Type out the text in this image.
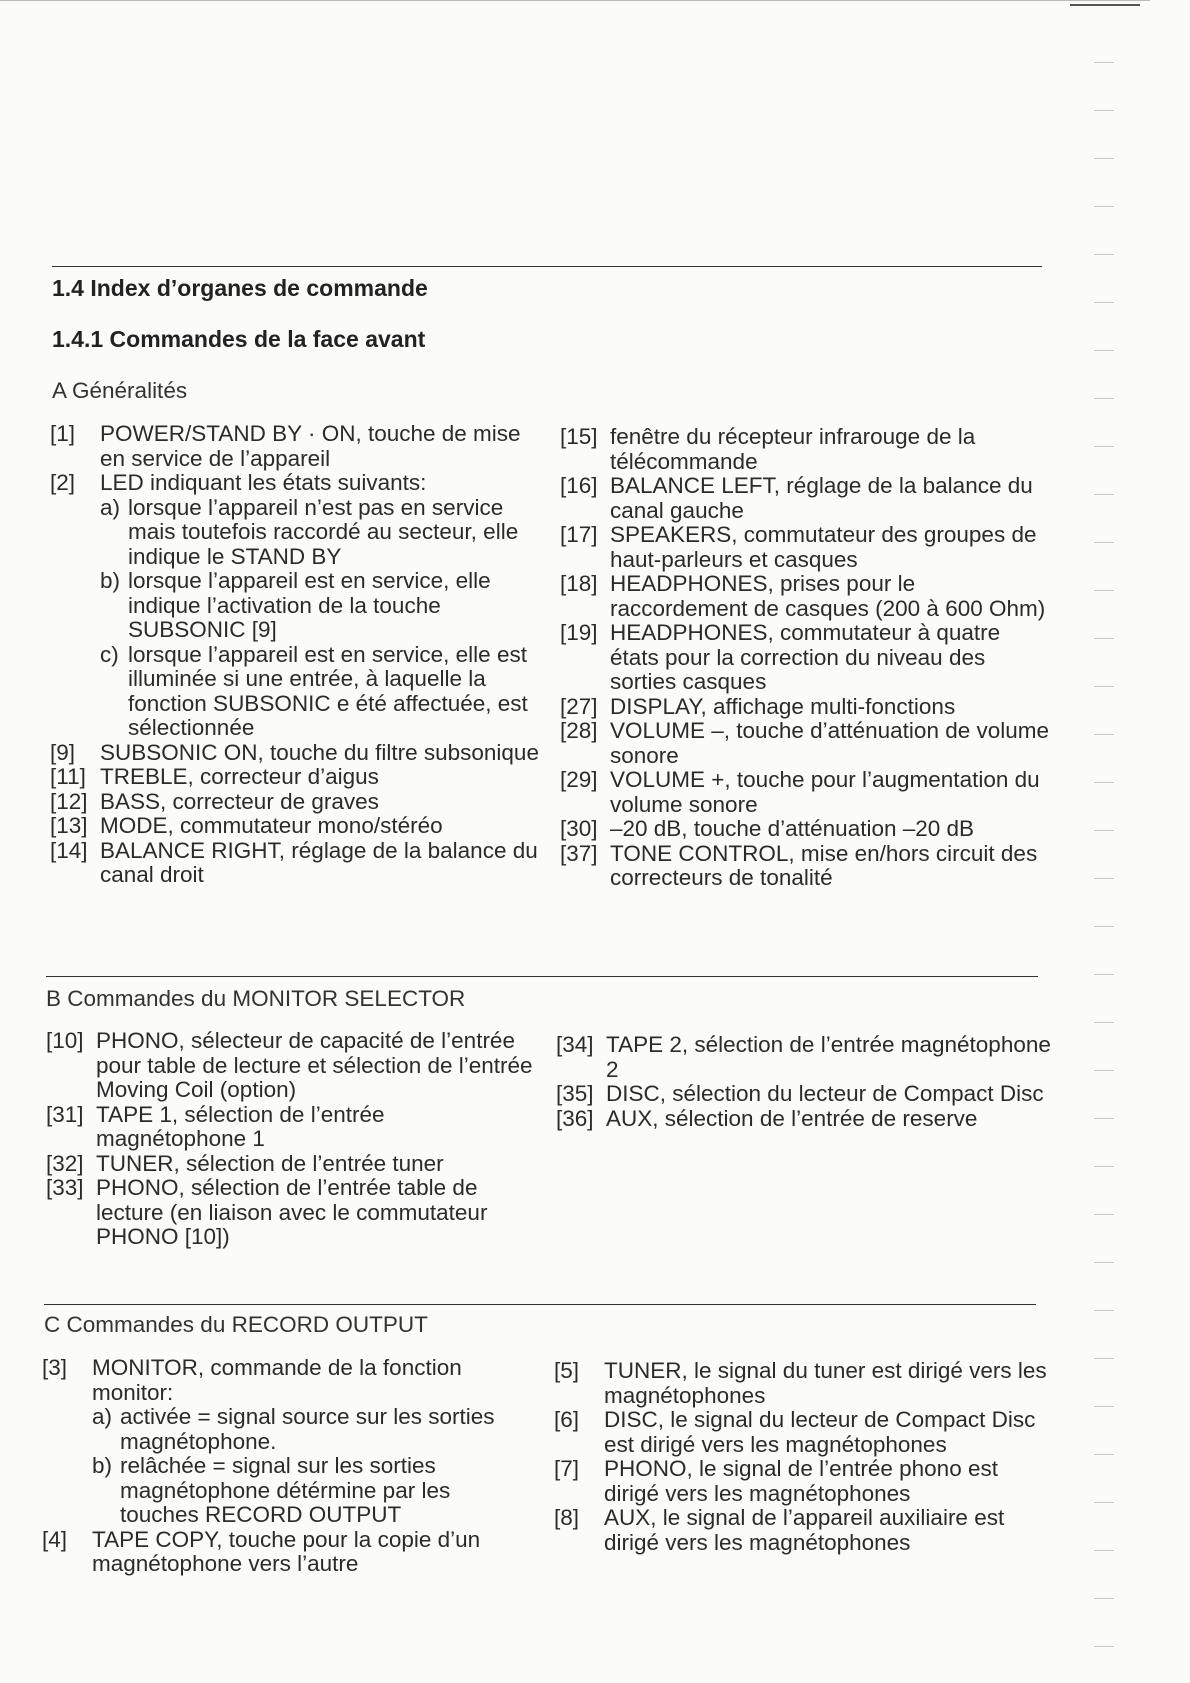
1.4 Index d’organes de commande
1.4.1 Commandes de la face avant
A Généralités
[1] POWER/STAND BY · ON, touche de mise en service de l’appareil
[2] LED indiquant les états suivants:
a) lorsque l’appareil n’est pas en service mais toutefois raccordé au secteur, elle indique le STAND BY
b) lorsque l’appareil est en service, elle indique l’activation de la touche SUBSONIC [9]
c) lorsque l’appareil est en service, elle est illuminée si une entrée, à laquelle la fonction SUBSONIC e été affectuée, est sélectionnée
[9] SUBSONIC ON, touche du filtre subsonique
[11] TREBLE, correcteur d’aigus
[12] BASS, correcteur de graves
[13] MODE, commutateur mono/stéréo
[14] BALANCE RIGHT, réglage de la balance du canal droit
[15] fenêtre du récepteur infrarouge de la télécommande
[16] BALANCE LEFT, réglage de la balance du canal gauche
[17] SPEAKERS, commutateur des groupes de haut-parleurs et casques
[18] HEADPHONES, prises pour le raccordement de casques (200 à 600 Ohm)
[19] HEADPHONES, commutateur à quatre états pour la correction du niveau des sorties casques
[27] DISPLAY, affichage multi-fonctions
[28] VOLUME –, touche d’atténuation de volume sonore
[29] VOLUME +, touche pour l’augmentation du volume sonore
[30] –20 dB, touche d’atténuation –20 dB
[37] TONE CONTROL, mise en/hors circuit des correcteurs de tonalité
B Commandes du MONITOR SELECTOR
[10] PHONO, sélecteur de capacité de l’entrée pour table de lecture et sélection de l’entrée Moving Coil (option)
[31] TAPE 1, sélection de l’entrée magnétophone 1
[32] TUNER, sélection de l’entrée tuner
[33] PHONO, sélection de l’entrée table de lecture (en liaison avec le commutateur PHONO [10])
[34] TAPE 2, sélection de l’entrée magnétophone 2
[35] DISC, sélection du lecteur de Compact Disc
[36] AUX, sélection de l’entrée de reserve
C Commandes du RECORD OUTPUT
[3] MONITOR, commande de la fonction monitor:
a) activée = signal source sur les sorties magnétophone.
b) relâchée = signal sur les sorties magnétophone détérmine par les touches RECORD OUTPUT
[4] TAPE COPY, touche pour la copie d’un magnétophone vers l’autre
[5] TUNER, le signal du tuner est dirigé vers les magnétophones
[6] DISC, le signal du lecteur de Compact Disc est dirigé vers les magnétophones
[7] PHONO, le signal de l’entrée phono est dirigé vers les magnétophones
[8] AUX, le signal de l’appareil auxiliaire est dirigé vers les magnétophones
